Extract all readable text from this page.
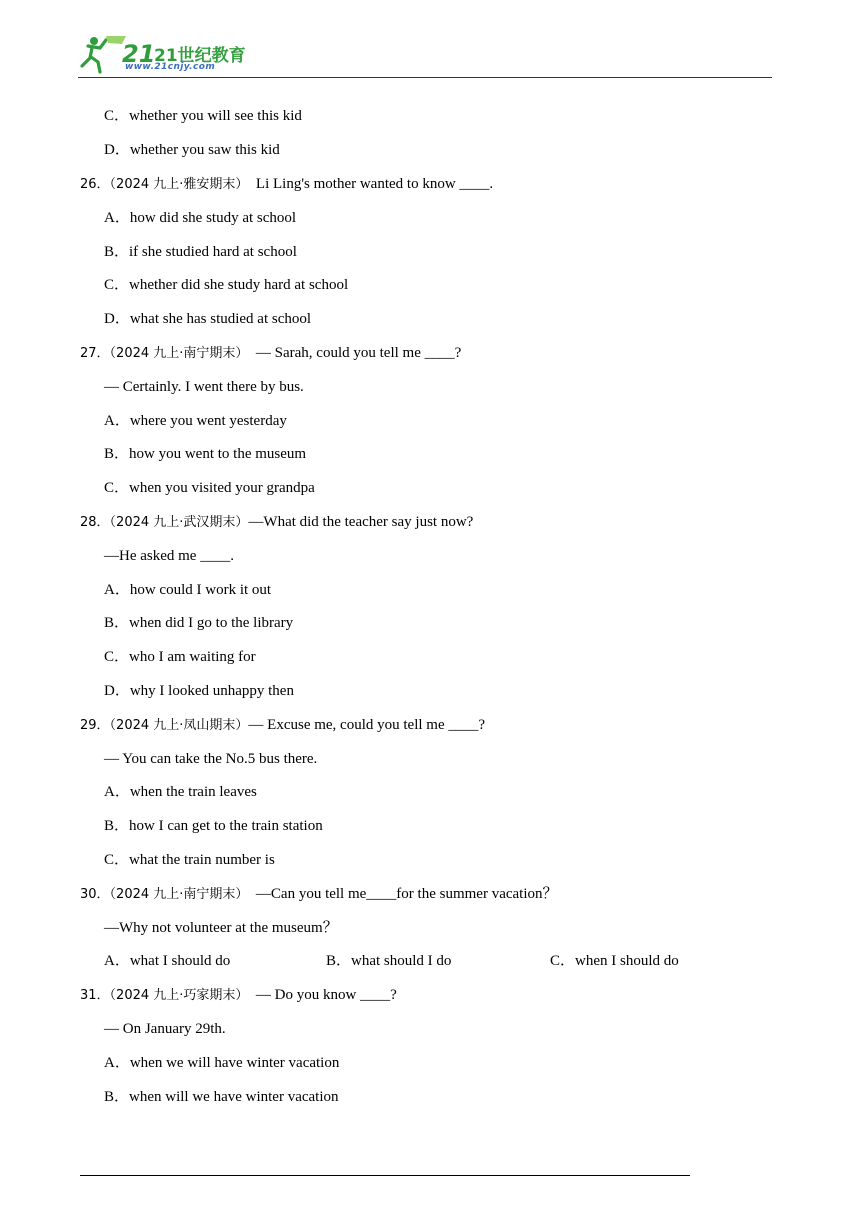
21
21世纪教育
www.21cnjy.com
C．whether you will see this kid
D．whether you saw this kid
26．（2024 九上·雅安期末）  Li Ling's mother wanted to know ____.
A．how did she study at school
B．if she studied hard at school
C．whether did she study hard at school
D．what she has studied at school
27．（2024 九上·南宁期末）  — Sarah, could you tell me ____?
— Certainly. I went there by bus.
A．where you went yesterday
B．how you went to the museum
C．when you visited your grandpa
28．（2024 九上·武汉期末）—What did the teacher say just now?
—He asked me ____.
A．how could I work it out
B．when did I go to the library
C．who I am waiting for
D．why I looked unhappy then
29．（2024 九上·凤山期末）— Excuse me, could you tell me ____?
— You can take the No.5 bus there.
A．when the train leaves
B．how I can get to the train station
C．what the train number is
30．（2024 九上·南宁期末）  —Can you tell me____for the summer vacation？
—Why not volunteer at the museum？
31．（2024 九上·巧家期末）  — Do you know ____?
— On January 29th.
A．when we will have winter vacation
B．when will we have winter vacation
A．what I should do	B．what should I do	C．when I should do
